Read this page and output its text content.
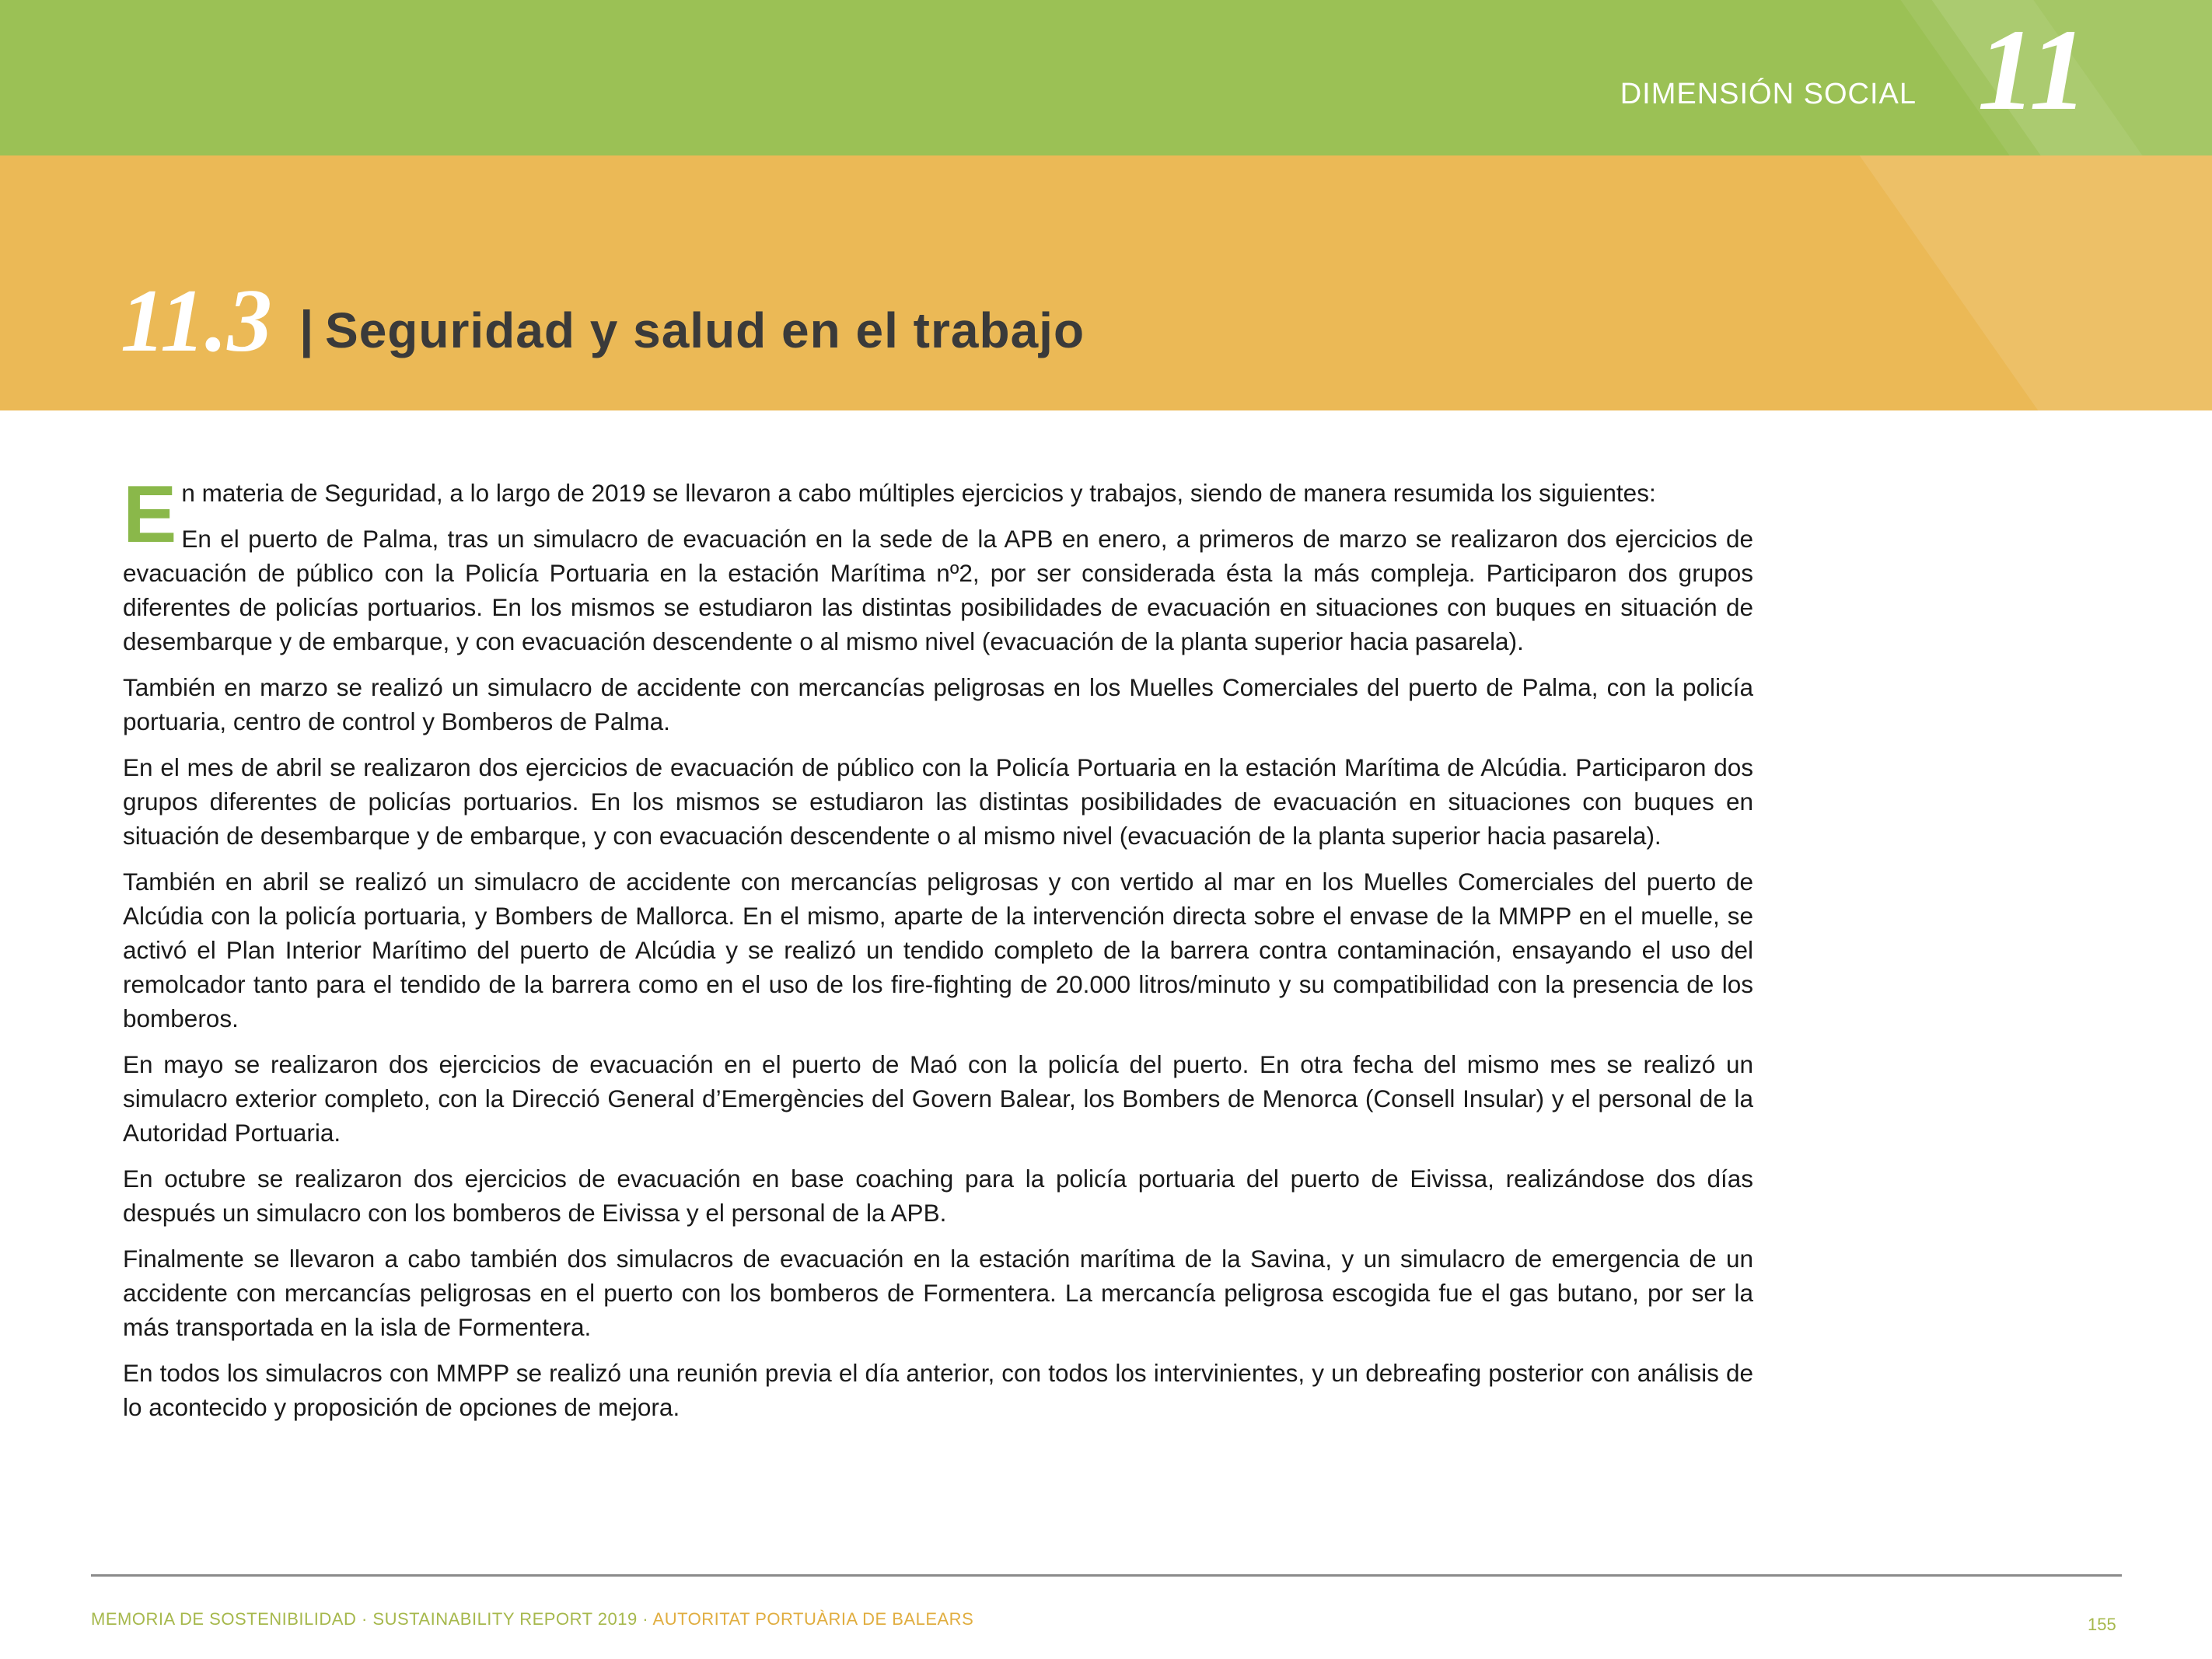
DIMENSIÓN SOCIAL 11
11.3 | Seguridad y salud en el trabajo

En materia de Seguridad, a lo largo de 2019 se llevaron a cabo múltiples ejercicios y trabajos, siendo de manera resumida los siguientes:

En el puerto de Palma, tras un simulacro de evacuación en la sede de la APB en enero, a primeros de marzo se realizaron dos ejercicios de evacuación de público con la Policía Portuaria en la estación Marítima nº2, por ser considerada ésta la más compleja. Participaron dos grupos diferentes de policías portuarios. En los mismos se estudiaron las distintas posibilidades de evacuación en situaciones con buques en situación de desembarque y de embarque, y con evacuación descendente o al mismo nivel (evacuación de la planta superior hacia pasarela).

También en marzo se realizó un simulacro de accidente con mercancías peligrosas en los Muelles Comerciales del puerto de Palma, con la policía portuaria, centro de control y Bomberos de Palma.

En el mes de abril se realizaron dos ejercicios de evacuación de público con la Policía Portuaria en la estación Marítima de Alcúdia. Participaron dos grupos diferentes de policías portuarios. En los mismos se estudiaron las distintas posibilidades de evacuación en situaciones con buques en situación de desembarque y de embarque, y con evacuación descendente o al mismo nivel (evacuación de la planta superior hacia pasarela).

También en abril se realizó un simulacro de accidente con mercancías peligrosas y con vertido al mar en los Muelles Comerciales del puerto de Alcúdia con la policía portuaria, y Bombers de Mallorca. En el mismo, aparte de la intervención directa sobre el envase de la MMPP en el muelle, se activó el Plan Interior Marítimo del puerto de Alcúdia y se realizó un tendido completo de la barrera contra contaminación, ensayando el uso del remolcador tanto para el tendido de la barrera como en el uso de los fire-fighting de 20.000 litros/minuto y su compatibilidad con la presencia de los bomberos.

En mayo se realizaron dos ejercicios de evacuación en el puerto de Maó con la policía del puerto. En otra fecha del mismo mes se realizó un simulacro exterior completo, con la Direcció General d’Emergències del Govern Balear, los Bombers de Menorca (Consell Insular) y el personal de la Autoridad Portuaria.

En octubre se realizaron dos ejercicios de evacuación en base coaching para la policía portuaria del puerto de Eivissa, realizándose dos días después un simulacro con los bomberos de Eivissa y el personal de la APB.

Finalmente se llevaron a cabo también dos simulacros de evacuación en la estación marítima de la Savina, y un simulacro de emergencia de un accidente con mercancías peligrosas en el puerto con los bomberos de Formentera. La mercancía peligrosa escogida fue el gas butano, por ser la más transportada en la isla de Formentera.

En todos los simulacros con MMPP se realizó una reunión previa el día anterior, con todos los intervinientes, y un debreafing posterior con análisis de lo acontecido y proposición de opciones de mejora.

MEMORIA DE SOSTENIBILIDAD · SUSTAINABILITY REPORT 2019 · AUTORITAT PORTUÀRIA DE BALEARS	155
